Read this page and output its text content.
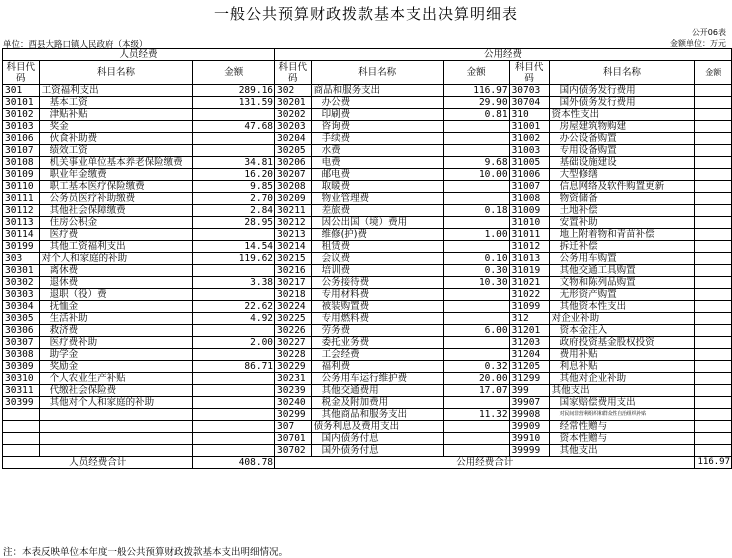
一般公共预算财政拨款基本支出决算明细表
公开06表
单位：酉县大路口镇人民政府（本级）	金额单位：万元
人员经费			公用经费					
科目代码	科目名称	金额	科目代码	科目名称	金额	科目代码	科目名称	金额
301	工资福利支出	289.16	302	商品和服务支出	116.97	30703	国内债务发行费用	
30101	基本工资	131.59	30201	办公费	29.90	30704	国外债务发行费用	
30102	津贴补贴		30202	印刷费	0.81	310	资本性支出	
30103	奖金	47.68	30203	咨询费		31001	房屋建筑物购建	
30106	伙食补助费		30204	手续费		31002	办公设备购置	
30107	绩效工资		30205	水费		31003	专用设备购置	
30108	机关事业单位基本养老保险缴费	34.81	30206	电费	9.68	31005	基础设施建设	
30109	职业年金缴费	16.20	30207	邮电费	10.00	31006	大型修缮	
30110	职工基本医疗保险缴费	9.85	30208	取暖费		31007	信息网络及软件购置更新	
30111	公务员医疗补助缴费	2.70	30209	物业管理费		31008	物资储备	
30112	其他社会保障缴费	2.84	30211	差旅费	0.18	31009	土地补偿	
30113	住房公积金	28.95	30212	因公出国（境）费用		31010	安置补助	
30114	医疗费		30213	维修(护)费	1.00	31011	地上附着物和青苗补偿	
30199	其他工资福利支出	14.54	30214	租赁费		31012	拆迁补偿	
303	对个人和家庭的补助	119.62	30215	会议费	0.10	31013	公务用车购置	
30301	离休费		30216	培训费	0.30	31019	其他交通工具购置	
30302	退休费	3.38	30217	公务接待费	10.30	31021	文物和陈列品购置	
30303	退职（役）费		30218	专用材料费		31022	无形资产购置	
30304	抚恤金	22.62	30224	被装购置费		31099	其他资本性支出	
30305	生活补助	4.92	30225	专用燃料费		312	对企业补助	
30306	救济费		30226	劳务费	6.00	31201	资本金注入	
30307	医疗费补助	2.00	30227	委托业务费		31203	政府投资基金股权投资	
30308	助学金		30228	工会经费		31204	费用补贴	
30309	奖励金	86.71	30229	福利费	0.32	31205	利息补贴	
30310	个人农业生产补贴		30231	公务用车运行维护费	20.00	31299	其他对企业补助	
30311	代缴社会保险费		30239	其他交通费用	17.07	399	其他支出	
30399	其他对个人和家庭的补助		30240	税金及附加费用		39907	国家赔偿费用支出	
			30299	其他商品和服务支出	11.32	39908	对民间非营利组织和群众性自治组织补贴	
			307	债务利息及费用支出		39909	经常性赠与	
			30701	国内债务付息		39910	资本性赠与	
			30702	国外债务付息		39999	其他支出	
人员经费合计		408.78	公用经费合计					116.97
注：本表反映单位本年度一般公共预算财政拨款基本支出明细情况。
